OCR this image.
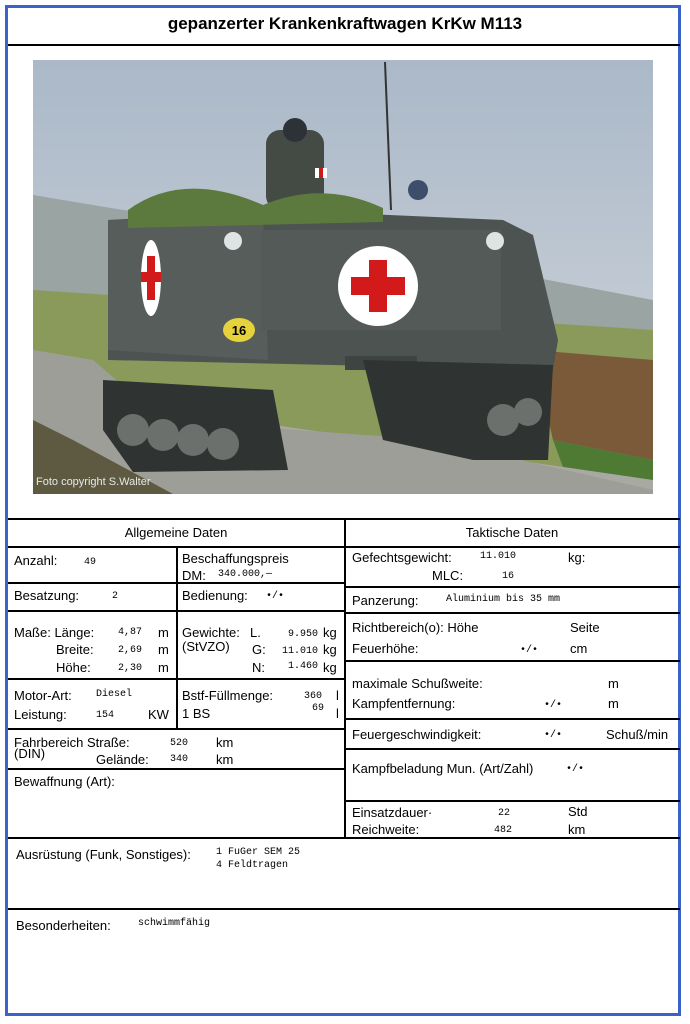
gepanzerter Krankenkraftwagen KrKw M113
16
Foto copyright S.Walter
Allgemeine Daten	Taktische Daten
Anzahl:	49	Beschaffungspreis
DM: 340.000,—
Besatzung:	2	Bedienung: •/•
Maße: Länge: 4,87 m
Breite: 2,69 m
Höhe:	2,30 m
Gewichte:
(StVZO)
L.	9.950 kg
G: 11.010 kg
N: 1.460 kg
Motor-Art: Diesel
Leistung:	154	KW
Bstf-Füllmenge:	360 l
1 BS	69 l
Fahrbereich Straße:
(DIN)
520 km
Gelände: 340 km
Bewaffnung (Art):
Gefechtsgewicht:	11.010	kg:
MLC:	16
Panzerung:	Aluminium bis 35 mm
Richtbereich(o): Höhe	Seite
Feuerhöhe:	•/• cm
maximale Schußweite:	m
Kampfentfernung:	•/•	m
Feuergeschwindigkeit:	•/•	Schuß/min
Kampfbeladung Mun. (Art/Zahl)	•/•
Einsatzdauer·	22	Std
Reichweite:	482	km
Ausrüstung (Funk, Sonstiges):	1 FuGer SEM 25
4 Feldtragen
Besonderheiten:	schwimmfähig
